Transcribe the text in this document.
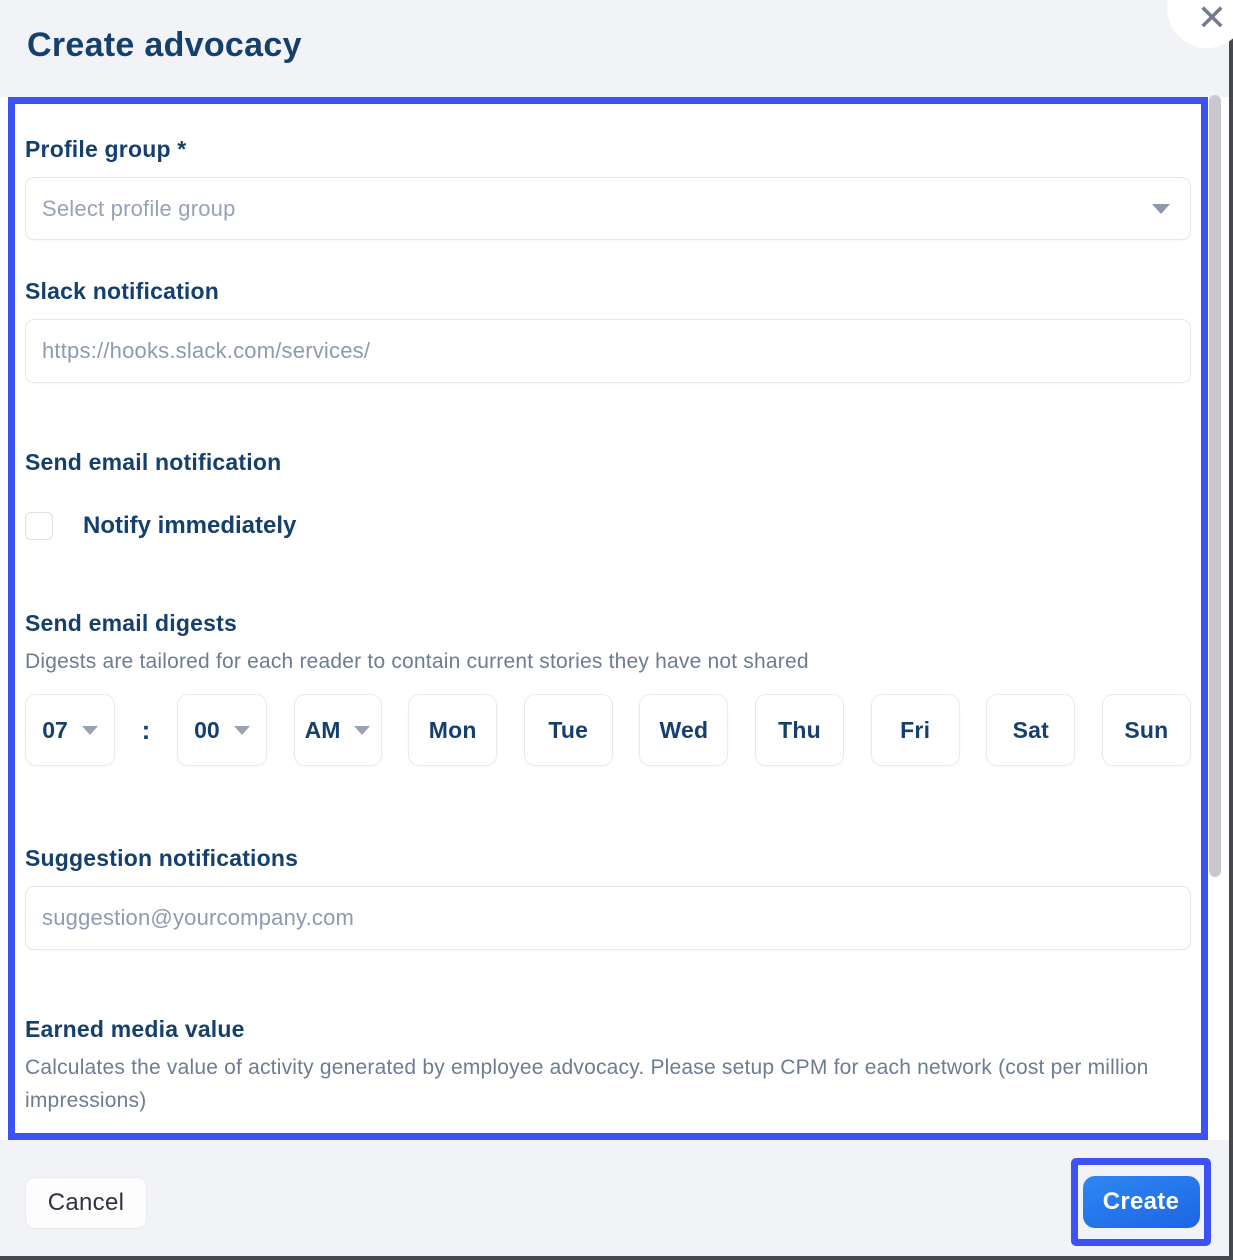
Create advocacy
✕
Profile group *
Select profile group
Slack notification
https://hooks.slack.com/services/
Send email notification
Notify immediately
Send email digests
Digests are tailored for each reader to contain current stories they have not shared
07	: 00	AM	Mon	Tue	Wed	Thu	Fri	Sat	Sun
Suggestion notifications
suggestion@yourcompany.com
Earned media value
Calculates the value of activity generated by employee advocacy. Please setup CPM for each network (cost per million impressions)
Cancel	Create
